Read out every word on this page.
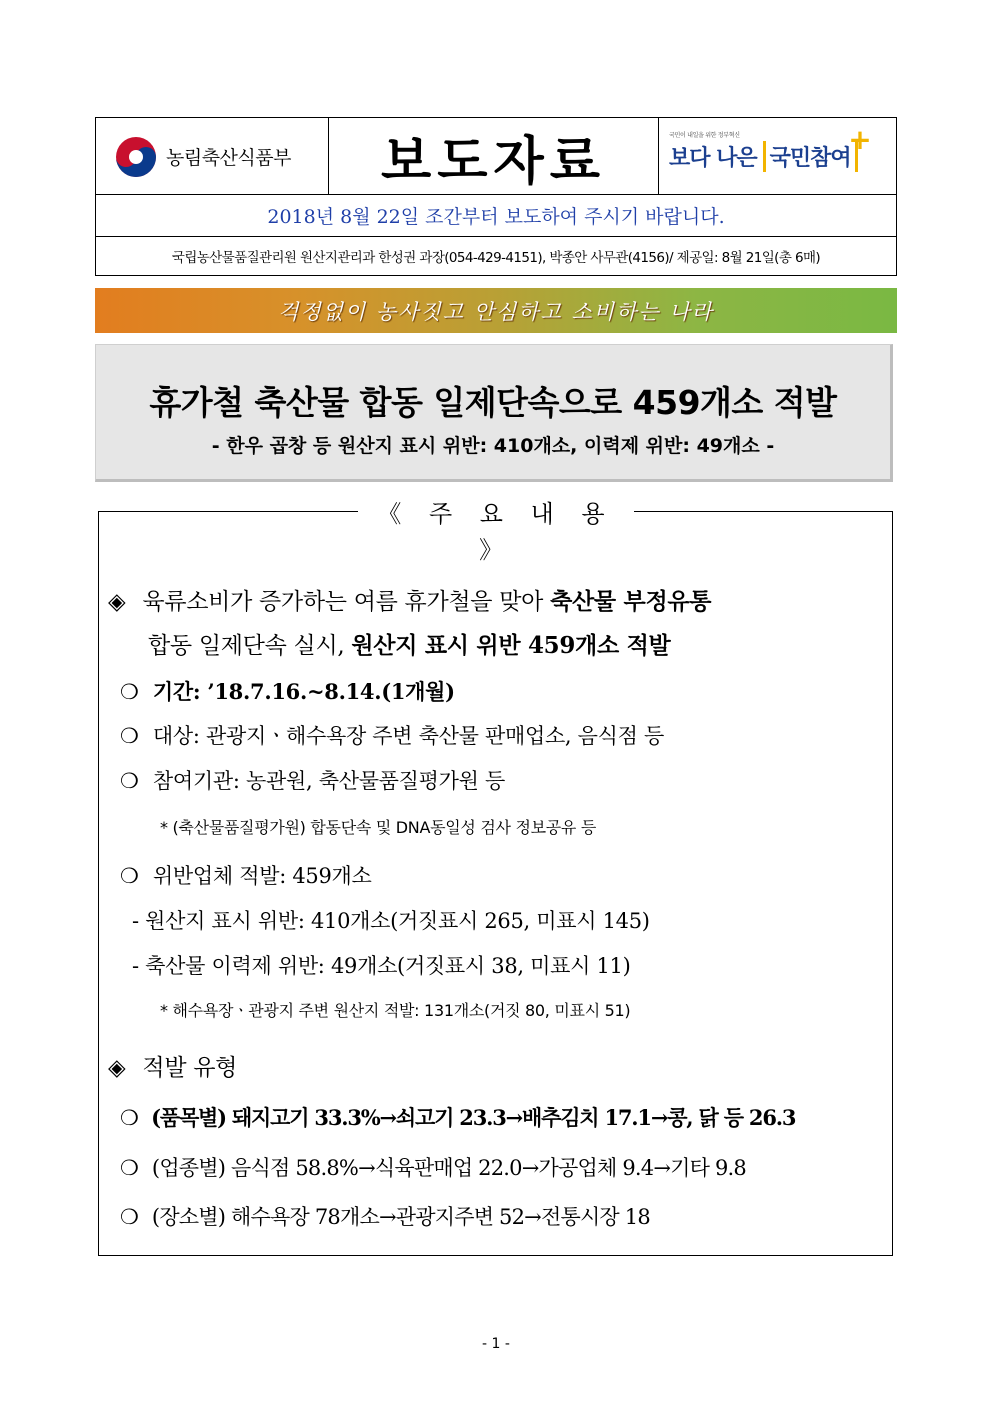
농림축산식품부	보도자료	국민이 내일을 위한 정부혁신
보다 나은 국민참여
+
2018년 8월 22일 조간부터 보도하여 주시기 바랍니다.
국립농산물품질관리원 원산지관리과 한성권 과장(054-429-4151), 박종안 사무관(4156)/ 제공일: 8월 21일(총 6매)
걱정없이 농사짓고 안심하고 소비하는 나라
휴가철 축산물 합동 일제단속으로 459개소 적발
- 한우 곱창 등 원산지 표시 위반: 410개소, 이력제 위반: 49개소 -
《 주 요 내 용 》
◈ 육류소비가 증가하는 여름 휴가철을 맞아 축산물 부정유통
합동 일제단속 실시, 원산지 표시 위반 459개소 적발
❍ 기간: ’18.7.16.~8.14.(1개월)
❍ 대상: 관광지ㆍ해수욕장 주변 축산물 판매업소, 음식점 등
❍ 참여기관: 농관원, 축산물품질평가원 등
* (축산물품질평가원) 합동단속 및 DNA동일성 검사 정보공유 등
❍ 위반업체 적발: 459개소
- 원산지 표시 위반: 410개소(거짓표시 265, 미표시 145)
- 축산물 이력제 위반: 49개소(거짓표시 38, 미표시 11)
* 해수욕장ㆍ관광지 주변 원산지 적발: 131개소(거짓 80, 미표시 51)
◈ 적발 유형
❍ (품목별) 돼지고기 33.3%→쇠고기 23.3→배추김치 17.1→콩, 닭 등 26.3
❍ (업종별) 음식점 58.8%→식육판매업 22.0→가공업체 9.4→기타 9.8
❍ (장소별) 해수욕장 78개소→관광지주변 52→전통시장 18
- 1 -
